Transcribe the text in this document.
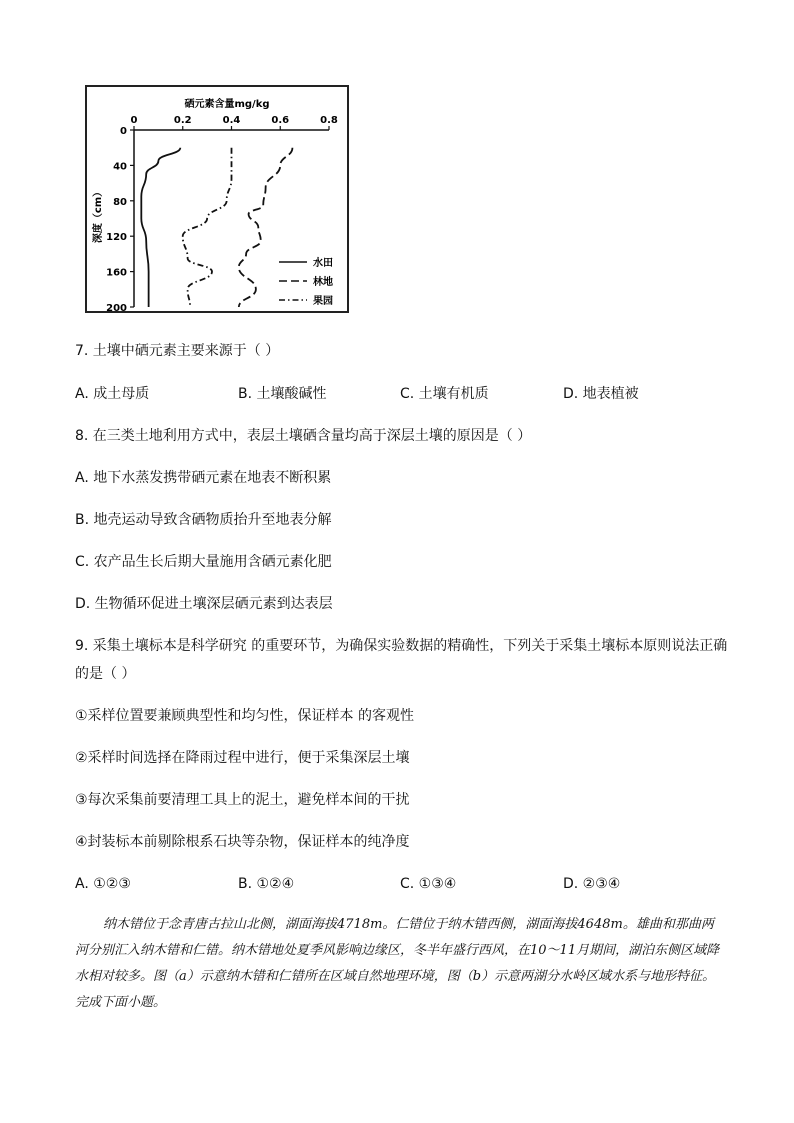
硒元素含量mg/kg
深度（cm）
0	0.2	0.4	0.6	0.8
0
40
80
120
160
200
水田
林地
果园
7. 土壤中硒元素主要来源于（ ）
A. 成土母质	B. 土壤酸碱性	C. 土壤有机质	D. 地表植被
8. 在三类土地利用方式中，表层土壤硒含量均高于深层土壤的原因是（ ）
A. 地下水蒸发携带硒元素在地表不断积累
B. 地壳运动导致含硒物质抬升至地表分解
C. 农产品生长后期大量施用含硒元素化肥
D. 生物循环促进土壤深层硒元素到达表层
9. 采集土壤标本是科学研究 的重要环节，为确保实验数据的精确性，下列关于采集土壤标本原则说法正确
的是（ ）
①采样位置要兼顾典型性和均匀性，保证样本 的客观性
②采样时间选择在降雨过程中进行，便于采集深层土壤
③每次采集前要清理工具上的泥土，避免样本间的干扰
④封装标本前剔除根系石块等杂物，保证样本的纯净度
A. ①②③	B. ①②④	C. ①③④	D. ②③④
纳木错位于念青唐古拉山北侧，湖面海拔4718m。仁错位于纳木错西侧，湖面海拔4648m。雄曲和那曲两河分别汇入纳木错和仁错。纳木错地处夏季风影响边缘区，冬半年盛行西风，在10～11月期间，湖泊东侧区域降水相对较多。图（a）示意纳木错和仁错所在区域自然地理环境，图（b）示意两湖分水岭区域水系与地形特征。完成下面小题。
